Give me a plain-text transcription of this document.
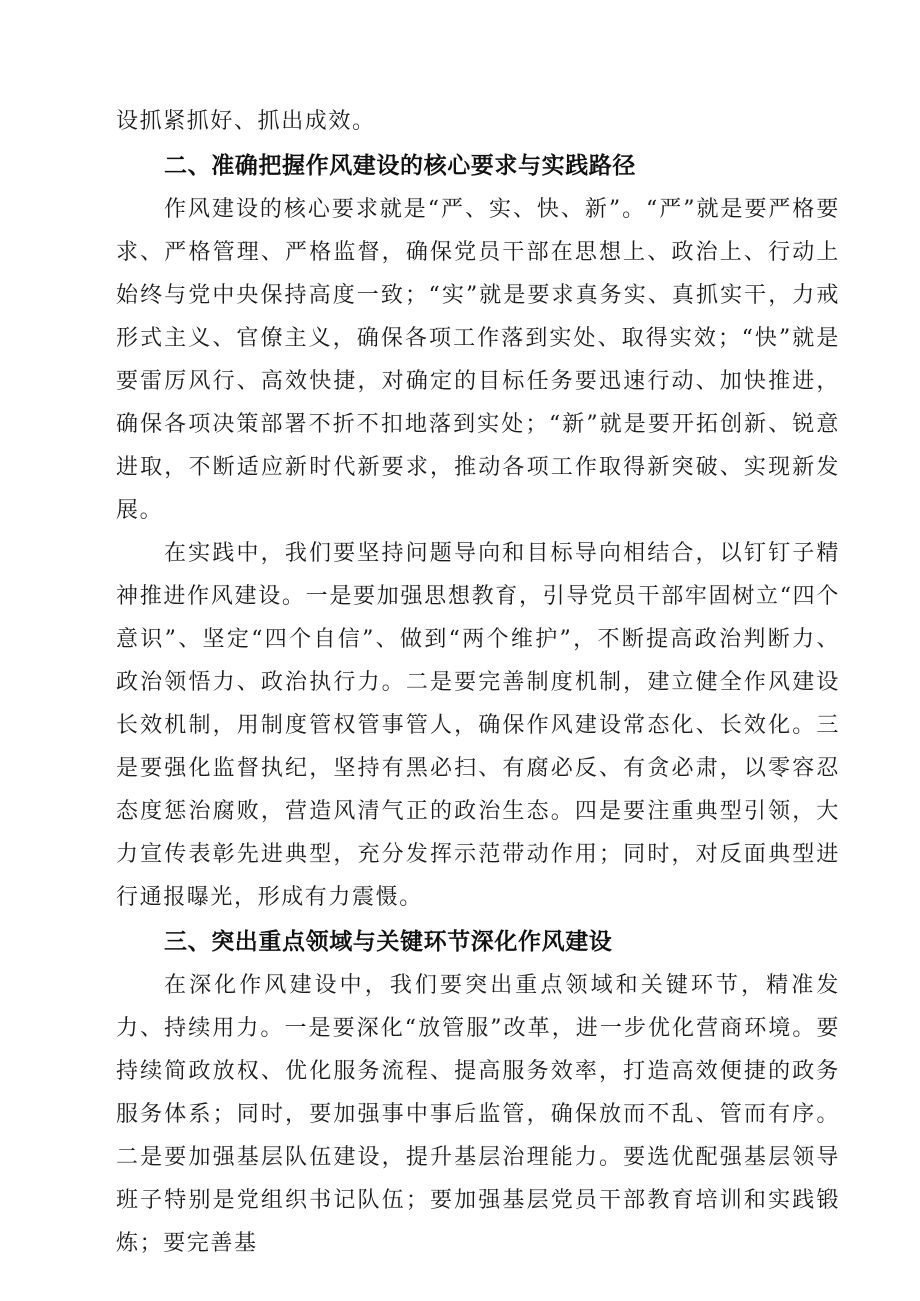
设抓紧抓好、抓出成效。

二、准确把握作风建设的核心要求与实践路径

作风建设的核心要求就是“严、实、快、新”。“严”就是要严格要求、严格管理、严格监督，确保党员干部在思想上、政治上、行动上始终与党中央保持高度一致；“实”就是要求真务实、真抓实干，力戒形式主义、官僚主义，确保各项工作落到实处、取得实效；“快”就是要雷厉风行、高效快捷，对确定的目标任务要迅速行动、加快推进，确保各项决策部署不折不扣地落到实处；“新”就是要开拓创新、锐意进取，不断适应新时代新要求，推动各项工作取得新突破、实现新发展。

在实践中，我们要坚持问题导向和目标导向相结合，以钉钉子精神推进作风建设。一是要加强思想教育，引导党员干部牢固树立“四个意识”、坚定“四个自信”、做到“两个维护”，不断提高政治判断力、政治领悟力、政治执行力。二是要完善制度机制，建立健全作风建设长效机制，用制度管权管事管人，确保作风建设常态化、长效化。三是要强化监督执纪，坚持有黑必扫、有腐必反、有贪必肃，以零容忍态度惩治腐败，营造风清气正的政治生态。四是要注重典型引领，大力宣传表彰先进典型，充分发挥示范带动作用；同时，对反面典型进行通报曝光，形成有力震慑。

三、突出重点领域与关键环节深化作风建设

在深化作风建设中，我们要突出重点领域和关键环节，精准发力、持续用力。一是要深化“放管服”改革，进一步优化营商环境。要持续简政放权、优化服务流程、提高服务效率，打造高效便捷的政务服务体系；同时，要加强事中事后监管，确保放而不乱、管而有序。二是要加强基层队伍建设，提升基层治理能力。要选优配强基层领导班子特别是党组织书记队伍；要加强基层党员干部教育培训和实践锻炼；要完善基
